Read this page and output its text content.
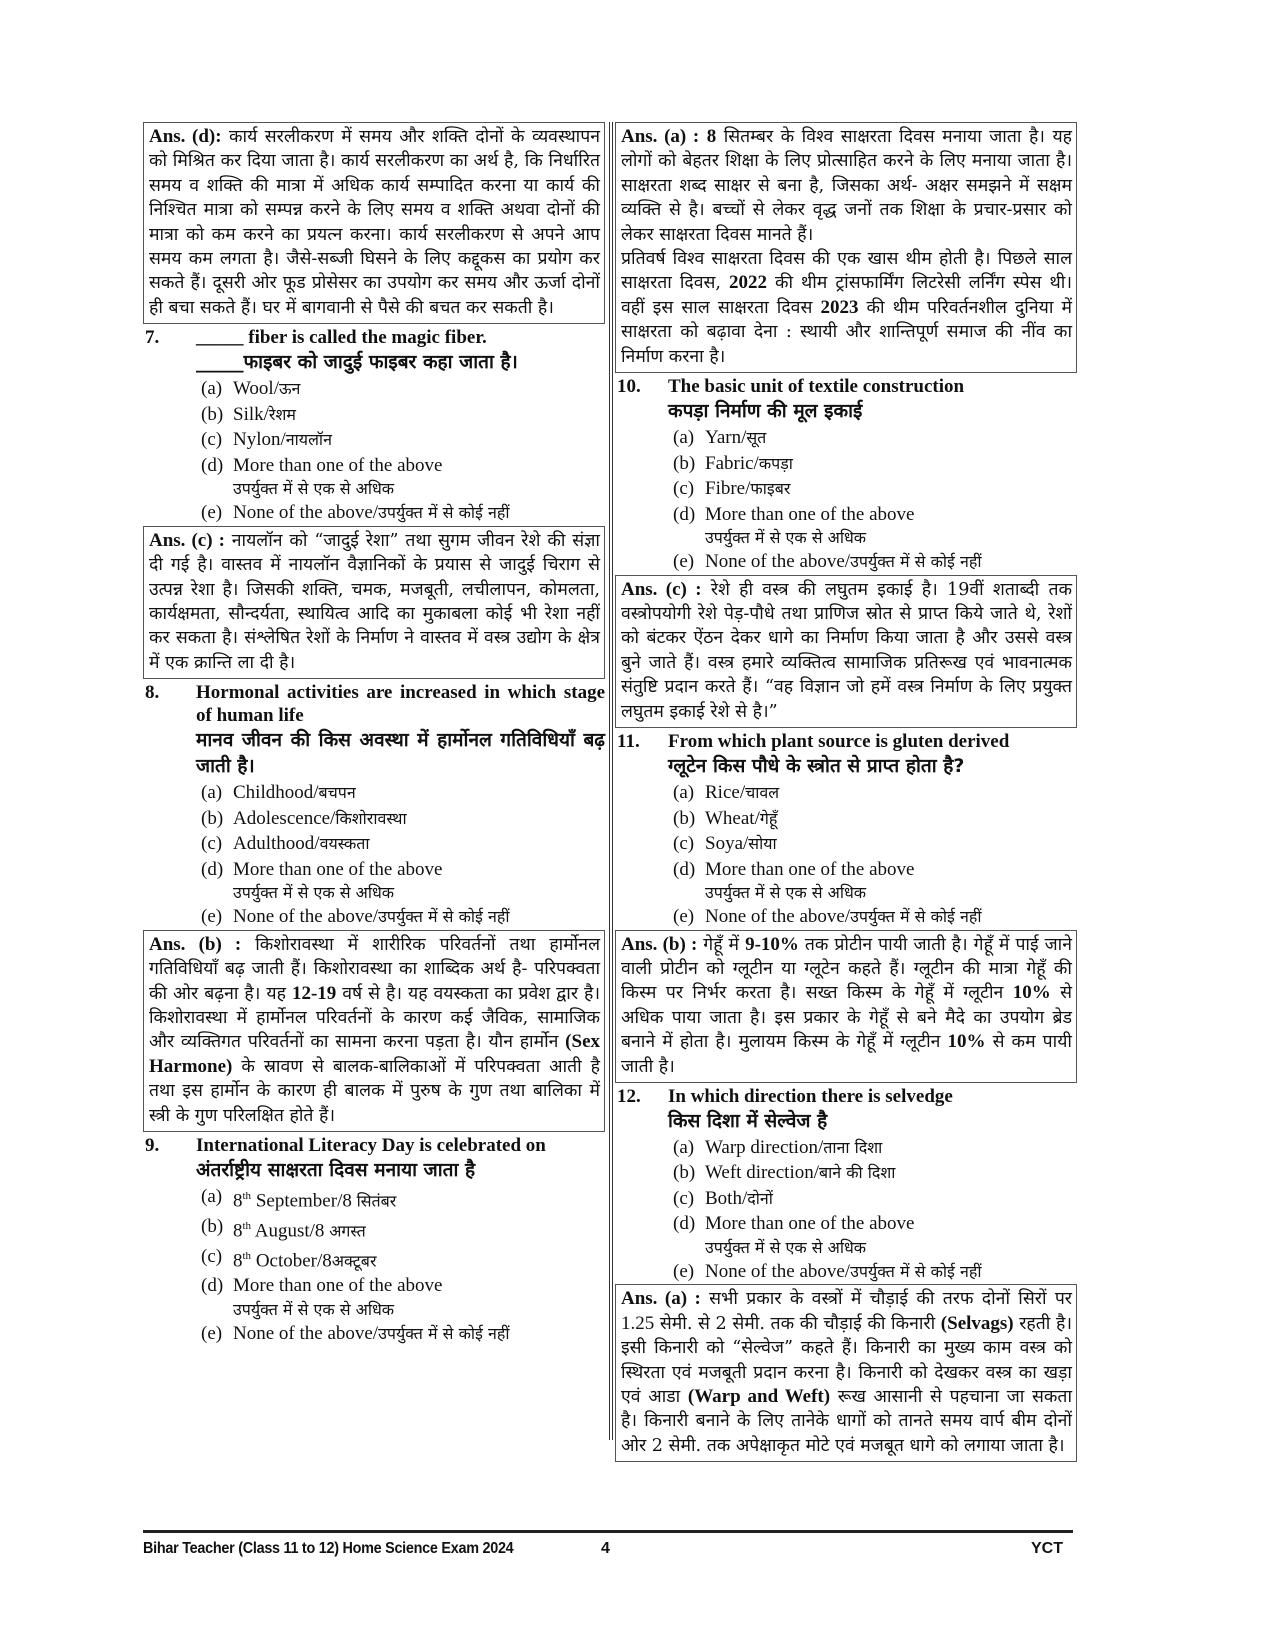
Ans. (d): कार्य सरलीकरण में समय और शक्ति दोनों के व्यवस्थापन को मिश्रित कर दिया जाता है। कार्य सरलीकरण का अर्थ है, कि निर्धारित समय व शक्ति की मात्रा में अधिक कार्य सम्पादित करना या कार्य की निश्चित मात्रा को सम्पन्न करने के लिए समय व शक्ति अथवा दोनों की मात्रा को कम करने का प्रयत्न करना। कार्य सरलीकरण से अपने आप समय कम लगता है। जैसे-सब्जी घिसने के लिए कद्दूकस का प्रयोग कर सकते हैं। दूसरी ओर फूड प्रोसेसर का उपयोग कर समय और ऊर्जा दोनों ही बचा सकते हैं। घर में बागवानी से पैसे की बचत कर सकती है।
7. _____ fiber is called the magic fiber.
_____फाइबर को जादुई फाइबर कहा जाता है।
(a) Wool/ऊन
(b) Silk/रेशम
(c) Nylon/नायलॉन
(d) More than one of the above
उपर्युक्त में से एक से अधिक
(e) None of the above/उपर्युक्त में से कोई नहीं
Ans. (c) : नायलॉन को “जादुई रेशा” तथा सुगम जीवन रेशे की संज्ञा दी गई है। वास्तव में नायलॉन वैज्ञानिकों के प्रयास से जादुई चिराग से उत्पन्न रेशा है। जिसकी शक्ति, चमक, मजबूती, लचीलापन, कोमलता, कार्यक्षमता, सौन्दर्यता, स्थायित्व आदि का मुकाबला कोई भी रेशा नहीं कर सकता है। संश्लेषित रेशों के निर्माण ने वास्तव में वस्त्र उद्योग के क्षेत्र में एक क्रान्ति ला दी है।
8. Hormonal activities are increased in which stage of human life
मानव जीवन की किस अवस्था में हार्मोनल गतिविधियाँ बढ़ जाती है।
(a) Childhood/बचपन
(b) Adolescence/किशोरावस्था
(c) Adulthood/वयस्कता
(d) More than one of the above
उपर्युक्त में से एक से अधिक
(e) None of the above/उपर्युक्त में से कोई नहीं
Ans. (b) : किशोरावस्था में शारीरिक परिवर्तनों तथा हार्मोनल गतिविधियाँ बढ़ जाती हैं। किशोरावस्था का शाब्दिक अर्थ है- परिपक्वता की ओर बढ़ना है। यह 12-19 वर्ष से है। यह वयस्कता का प्रवेश द्वार है। किशोरावस्था में हार्मोनल परिवर्तनों के कारण कई जैविक, सामाजिक और व्यक्तिगत परिवर्तनों का सामना करना पड़ता है। यौन हार्मोन (Sex Harmone) के स्रावण से बालक-बालिकाओं में परिपक्वता आती है तथा इस हार्मोन के कारण ही बालक में पुरुष के गुण तथा बालिका में स्त्री के गुण परिलक्षित होते हैं।
9. International Literacy Day is celebrated on
अंतर्राष्ट्रीय साक्षरता दिवस मनाया जाता है
(a) 8th September/8 सितंबर
(b) 8th August/8 अगस्त
(c) 8th October/8अक्टूबर
(d) More than one of the above
उपर्युक्त में से एक से अधिक
(e) None of the above/उपर्युक्त में से कोई नहीं
Ans. (a) : 8 सितम्बर के विश्व साक्षरता दिवस मनाया जाता है। यह लोगों को बेहतर शिक्षा के लिए प्रोत्साहित करने के लिए मनाया जाता है। साक्षरता शब्द साक्षर से बना है, जिसका अर्थ- अक्षर समझने में सक्षम व्यक्ति से है। बच्चों से लेकर वृद्ध जनों तक शिक्षा के प्रचार-प्रसार को लेकर साक्षरता दिवस मानते हैं।
प्रतिवर्ष विश्व साक्षरता दिवस की एक खास थीम होती है। पिछले साल साक्षरता दिवस, 2022 की थीम ट्रांसफार्मिंग लिटरेसी लर्निंग स्पेस थी। वहीं इस साल साक्षरता दिवस 2023 की थीम परिवर्तनशील दुनिया में साक्षरता को बढ़ावा देना : स्थायी और शान्तिपूर्ण समाज की नींव का निर्माण करना है।
10. The basic unit of textile construction
कपड़ा निर्माण की मूल इकाई
(a) Yarn/सूत
(b) Fabric/कपड़ा
(c) Fibre/फाइबर
(d) More than one of the above
उपर्युक्त में से एक से अधिक
(e) None of the above/उपर्युक्त में से कोई नहीं
Ans. (c) : रेशे ही वस्त्र की लघुतम इकाई है। 19वीं शताब्दी तक वस्त्रोपयोगी रेशे पेड़-पौधे तथा प्राणिज स्रोत से प्राप्त किये जाते थे, रेशों को बंटकर ऐंठन देकर धागे का निर्माण किया जाता है और उससे वस्त्र बुने जाते हैं। वस्त्र हमारे व्यक्तित्व सामाजिक प्रतिरूख एवं भावनात्मक संतुष्टि प्रदान करते हैं। “वह विज्ञान जो हमें वस्त्र निर्माण के लिए प्रयुक्त लघुतम इकाई रेशे से है।”
11. From which plant source is gluten derived
ग्लूटेन किस पौधे के स्त्रोत से प्राप्त होता है?
(a) Rice/चावल
(b) Wheat/गेहूँ
(c) Soya/सोया
(d) More than one of the above
उपर्युक्त में से एक से अधिक
(e) None of the above/उपर्युक्त में से कोई नहीं
Ans. (b) : गेहूँ में 9-10% तक प्रोटीन पायी जाती है। गेहूँ में पाई जाने वाली प्रोटीन को ग्लूटीन या ग्लूटेन कहते हैं। ग्लूटीन की मात्रा गेहूँ की किस्म पर निर्भर करता है। सख्त किस्म के गेहूँ में ग्लूटीन 10% से अधिक पाया जाता है। इस प्रकार के गेहूँ से बने मैदे का उपयोग ब्रेड बनाने में होता है। मुलायम किस्म के गेहूँ में ग्लूटीन 10% से कम पायी जाती है।
12. In which direction there is selvedge
किस दिशा में सेल्वेज है
(a) Warp direction/ताना दिशा
(b) Weft direction/बाने की दिशा
(c) Both/दोनों
(d) More than one of the above
उपर्युक्त में से एक से अधिक
(e) None of the above/उपर्युक्त में से कोई नहीं
Ans. (a) : सभी प्रकार के वस्त्रों में चौड़ाई की तरफ दोनों सिरों पर 1.25 सेमी. से 2 सेमी. तक की चौड़ाई की किनारी (Selvags) रहती है। इसी किनारी को “सेल्वेज” कहते हैं। किनारी का मुख्य काम वस्त्र को स्थिरता एवं मजबूती प्रदान करना है। किनारी को देखकर वस्त्र का खड़ा एवं आडा (Warp and Weft) रूख आसानी से पहचाना जा सकता है। किनारी बनाने के लिए तानेके धागों को तानते समय वार्प बीम दोनों ओर 2 सेमी. तक अपेक्षाकृत मोटे एवं मजबूत धागे को लगाया जाता है।
Bihar Teacher (Class 11 to 12) Home Science Exam 2024	4	YCT
